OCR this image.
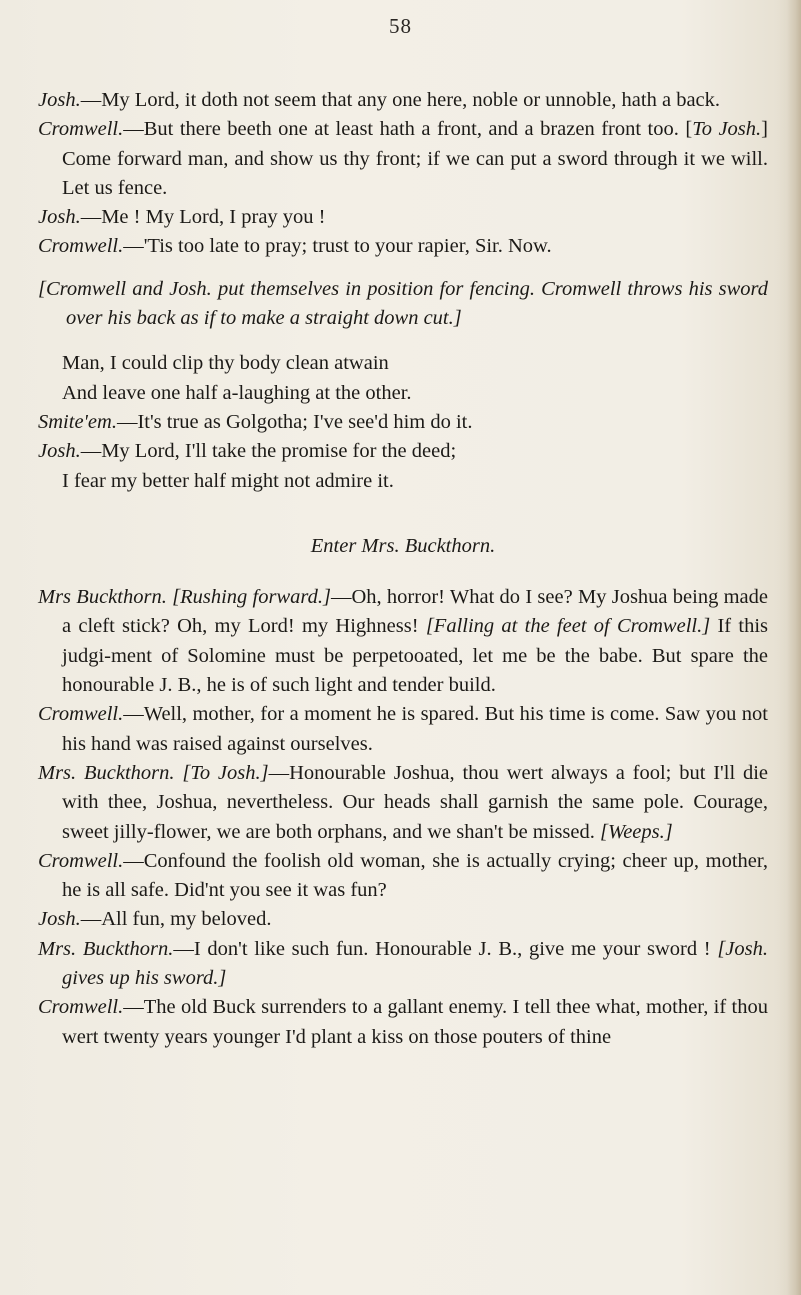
58

Josh.—My Lord, it doth not seem that any one here, noble or unnoble, hath a back.

Cromwell.—But there beeth one at least hath a front, and a brazen front too. [To Josh.] Come forward man, and show us thy front; if we can put a sword through it we will. Let us fence.

Josh.—Me ! My Lord, I pray you !

Cromwell.—'Tis too late to pray; trust to your rapier, Sir. Now.

[Cromwell and Josh. put themselves in position for fencing. Cromwell throws his sword over his back as if to make a straight down cut.]

Man, I could clip thy body clean atwain

And leave one half a-laughing at the other.

Smite'em.—It's true as Golgotha; I've see'd him do it.

Josh.—My Lord, I'll take the promise for the deed;

I fear my better half might not admire it.

Enter Mrs. Buckthorn.

Mrs Buckthorn. [Rushing forward.]—Oh, horror! What do I see? My Joshua being made a cleft stick? Oh, my Lord! my Highness! [Falling at the feet of Cromwell.] If this judgi-ment of Solomine must be perpetooated, let me be the babe. But spare the honourable J. B., he is of such light and tender build.

Cromwell.—Well, mother, for a moment he is spared. But his time is come. Saw you not his hand was raised against ourselves.

Mrs. Buckthorn. [To Josh.]—Honourable Joshua, thou wert always a fool; but I'll die with thee, Joshua, nevertheless. Our heads shall garnish the same pole. Courage, sweet jilly-flower, we are both orphans, and we shan't be missed. [Weeps.]

Cromwell.—Confound the foolish old woman, she is actually crying; cheer up, mother, he is all safe. Did'nt you see it was fun?

Josh.—All fun, my beloved.

Mrs. Buckthorn.—I don't like such fun. Honourable J. B., give me your sword ! [Josh. gives up his sword.]

Cromwell.—The old Buck surrenders to a gallant enemy. I tell thee what, mother, if thou wert twenty years younger I'd plant a kiss on those pouters of thine
